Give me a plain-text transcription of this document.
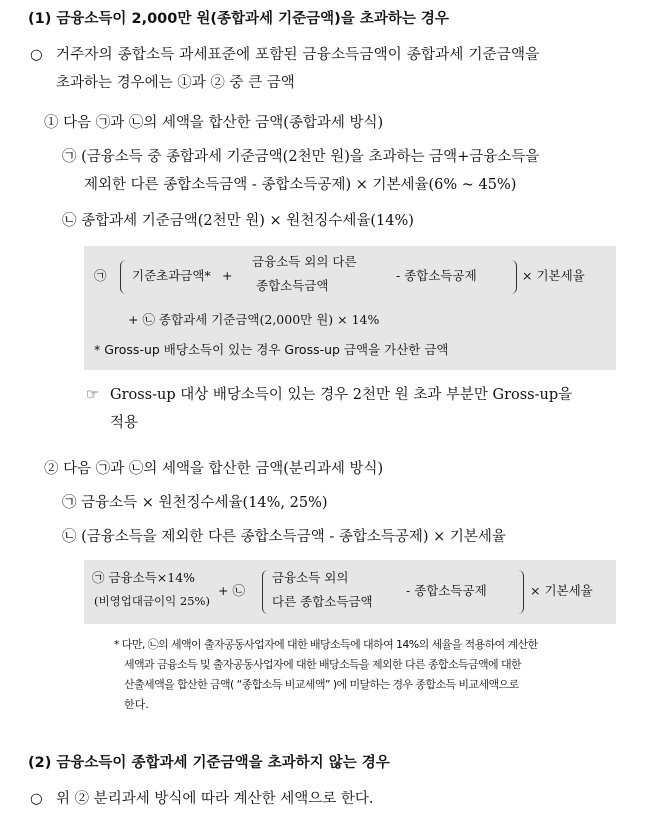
(1) 금융소득이 2,000만 원(종합과세 기준금액)을 초과하는 경우
○ 거주자의 종합소득 과세표준에 포함된 금융소득금액이 종합과세 기준금액을
초과하는 경우에는 ①과 ② 중 큰 금액
① 다음 ㉠과 ㉡의 세액을 합산한 금액(종합과세 방식)
㉠ (금융소득 중 종합과세 기준금액(2천만 원)을 초과하는 금액+금융소득을
제외한 다른 종합소득금액 - 종합소득공제) × 기본세율(6% ~ 45%)
㉡ 종합과세 기준금액(2천만 원) × 원천징수세율(14%)
㉠ 기준초과금액* +
금융소득 외의 다른
종합소득금액
- 종합소득공제	× 기본세율
+ ㉡ 종합과세 기준금액(2,000만 원) × 14%
* Gross-up 배당소득이 있는 경우 Gross-up 금액을 가산한 금액
☞ Gross-up 대상 배당소득이 있는 경우 2천만 원 초과 부분만 Gross-up을
적용
② 다음 ㉠과 ㉡의 세액을 합산한 금액(분리과세 방식)
㉠ 금융소득 × 원천징수세율(14%, 25%)
㉡ (금융소득을 제외한 다른 종합소득금액 - 종합소득공제) × 기본세율
㉠ 금융소득×14%
(비영업대금이익 25%)
+ ㉡
금융소득 외의
다른 종합소득금액
- 종합소득공제	× 기본세율
* 다만, ㉡의 세액이 출자공동사업자에 대한 배당소득에 대하여 14%의 세율을 적용하여 계산한
세액과 금융소득 및 출자공동사업자에 대한 배당소득을 제외한 다른 종합소득금액에 대한
산출세액을 합산한 금액( “종합소득 비교세액” )에 미달하는 경우 종합소득 비교세액으로
한다.
(2) 금융소득이 종합과세 기준금액을 초과하지 않는 경우
○ 위 ② 분리과세 방식에 따라 계산한 세액으로 한다.
